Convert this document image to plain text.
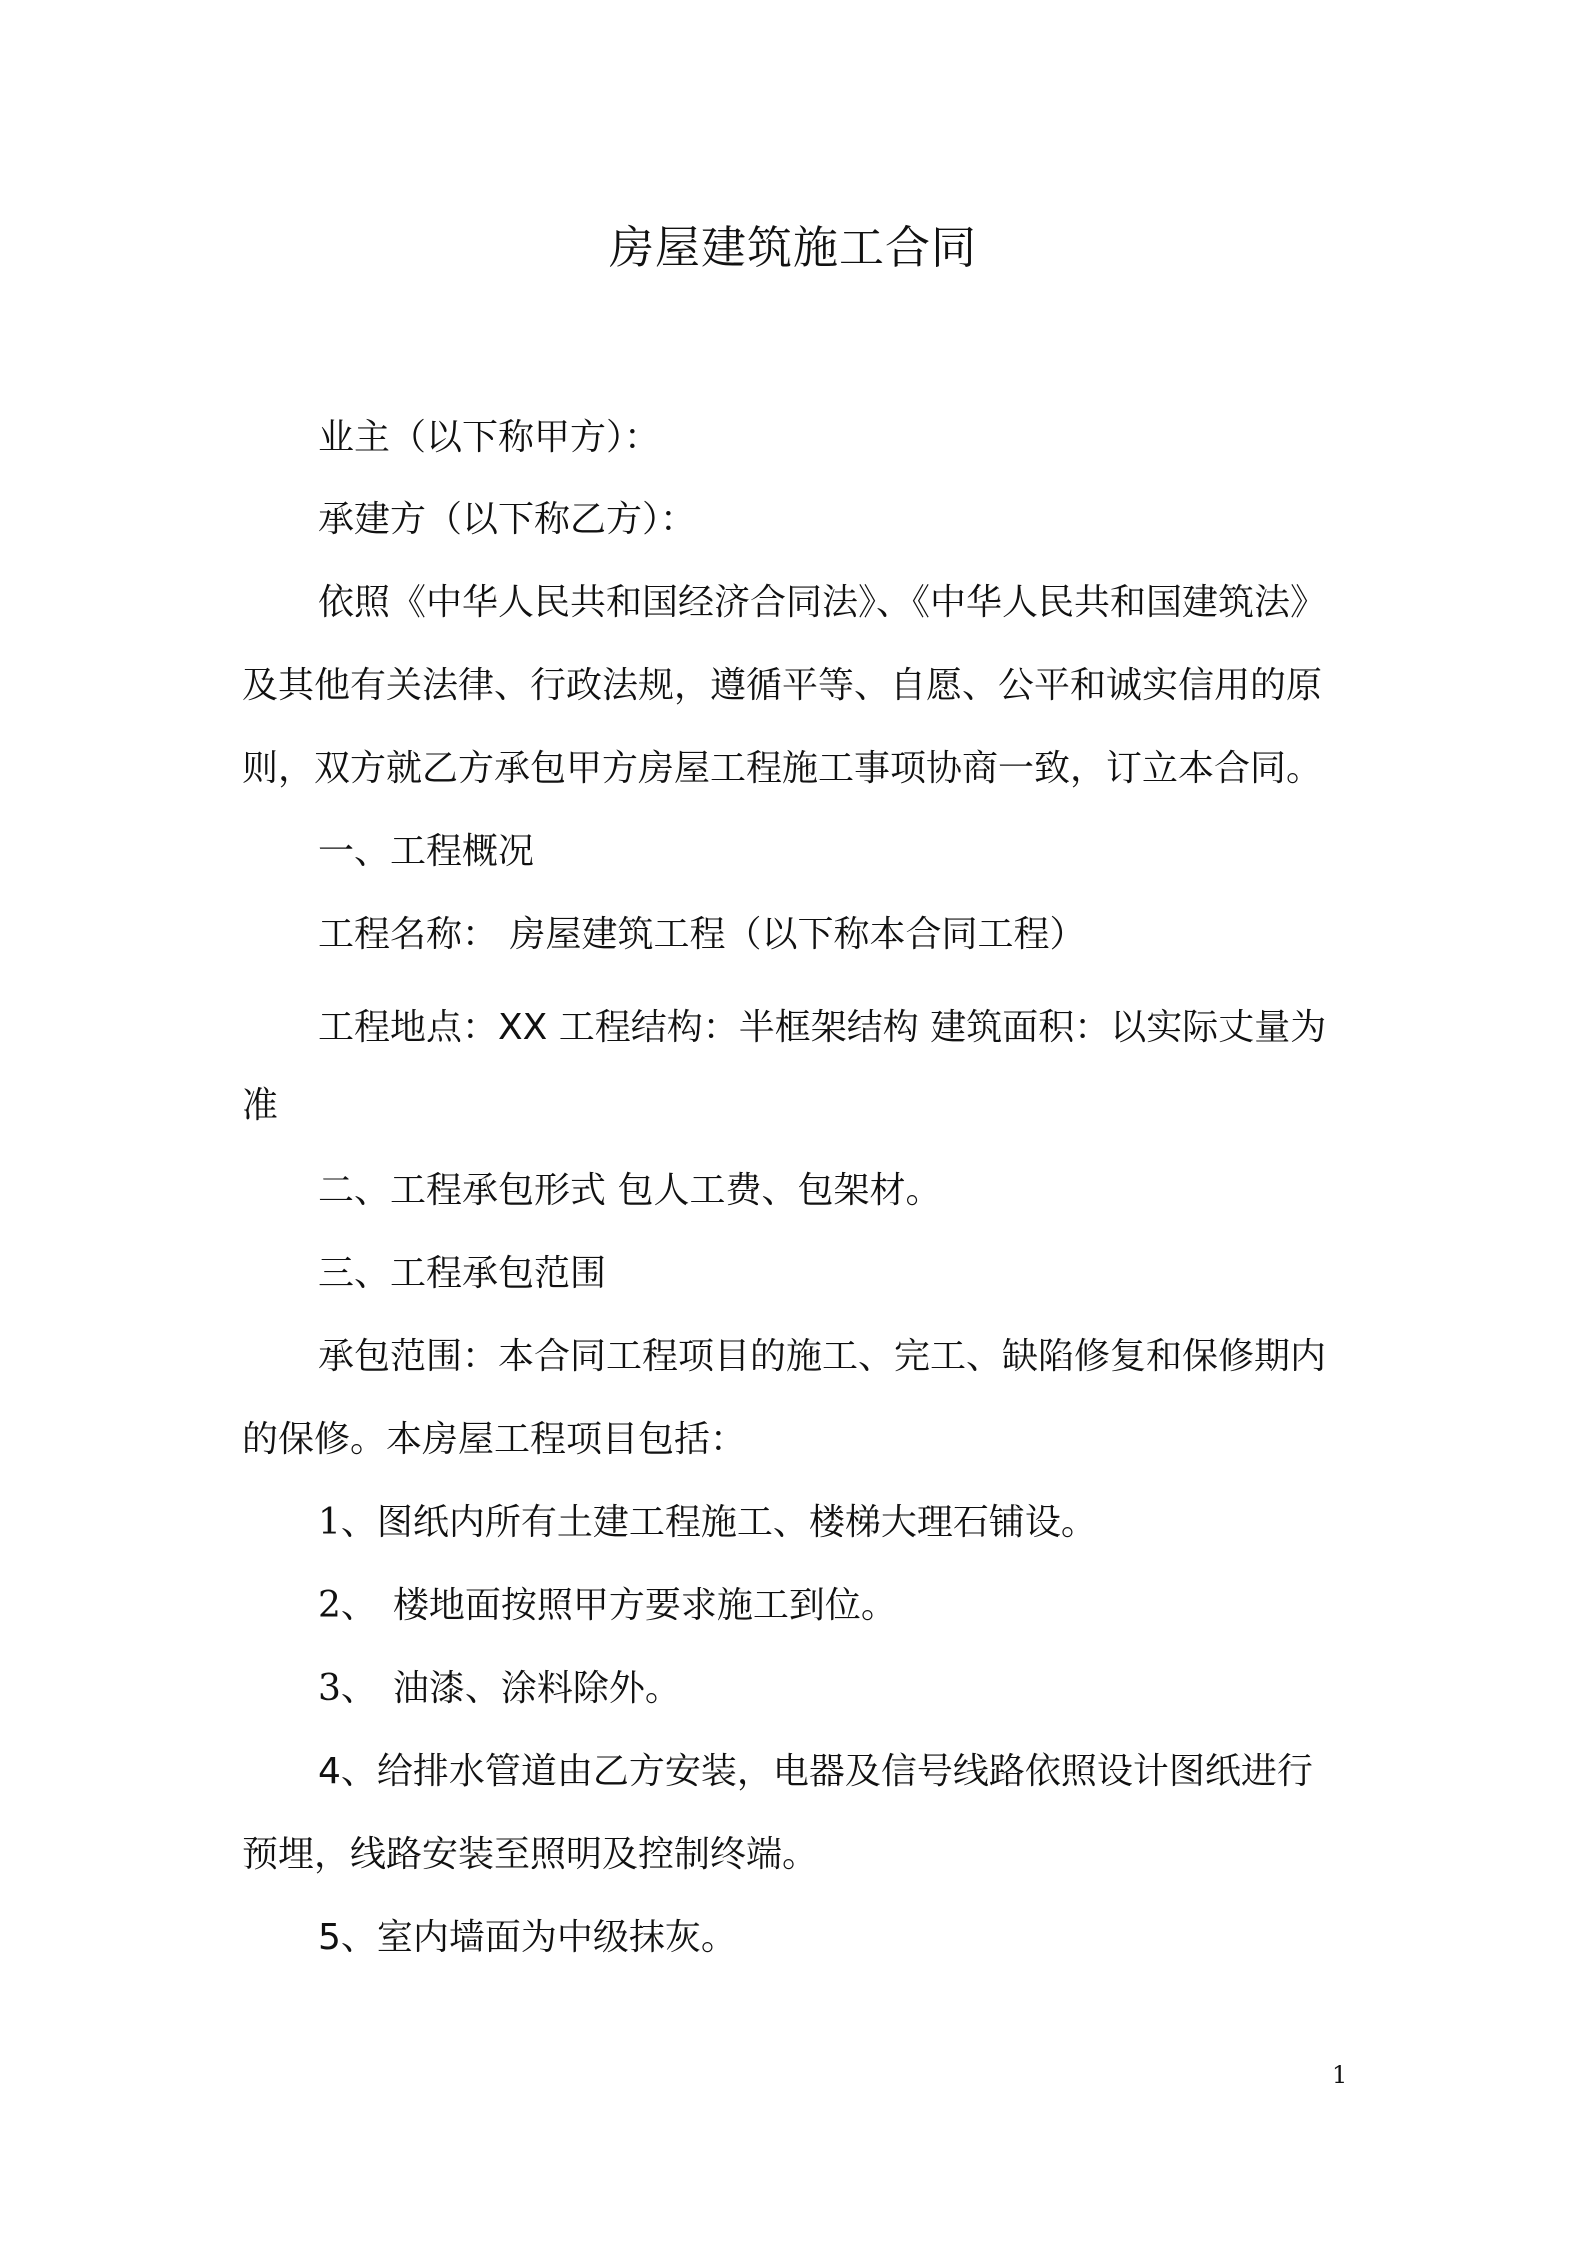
房屋建筑施工合同

业主（以下称甲方）：

承建方（以下称乙方）：

依照《中华人民共和国经济合同法》、《中华人民共和国建筑法》

及其他有关法律、行政法规，遵循平等、自愿、公平和诚实信用的原

则，双方就乙方承包甲方房屋工程施工事项协商一致，订立本合同。

一、工程概况

工程名称： 房屋建筑工程（以下称本合同工程）

工程地点：XX 工程结构：半框架结构 建筑面积：以实际丈量为

准

二、工程承包形式 包人工费、包架材。

三、工程承包范围

承包范围：本合同工程项目的施工、完工、缺陷修复和保修期内

的保修。本房屋工程项目包括：

1、图纸内所有土建工程施工、楼梯大理石铺设。

2、 楼地面按照甲方要求施工到位。

3、 油漆、涂料除外。

4、给排水管道由乙方安装，电器及信号线路依照设计图纸进行

预埋，线路安装至照明及控制终端。

5、室内墙面为中级抹灰。

1
